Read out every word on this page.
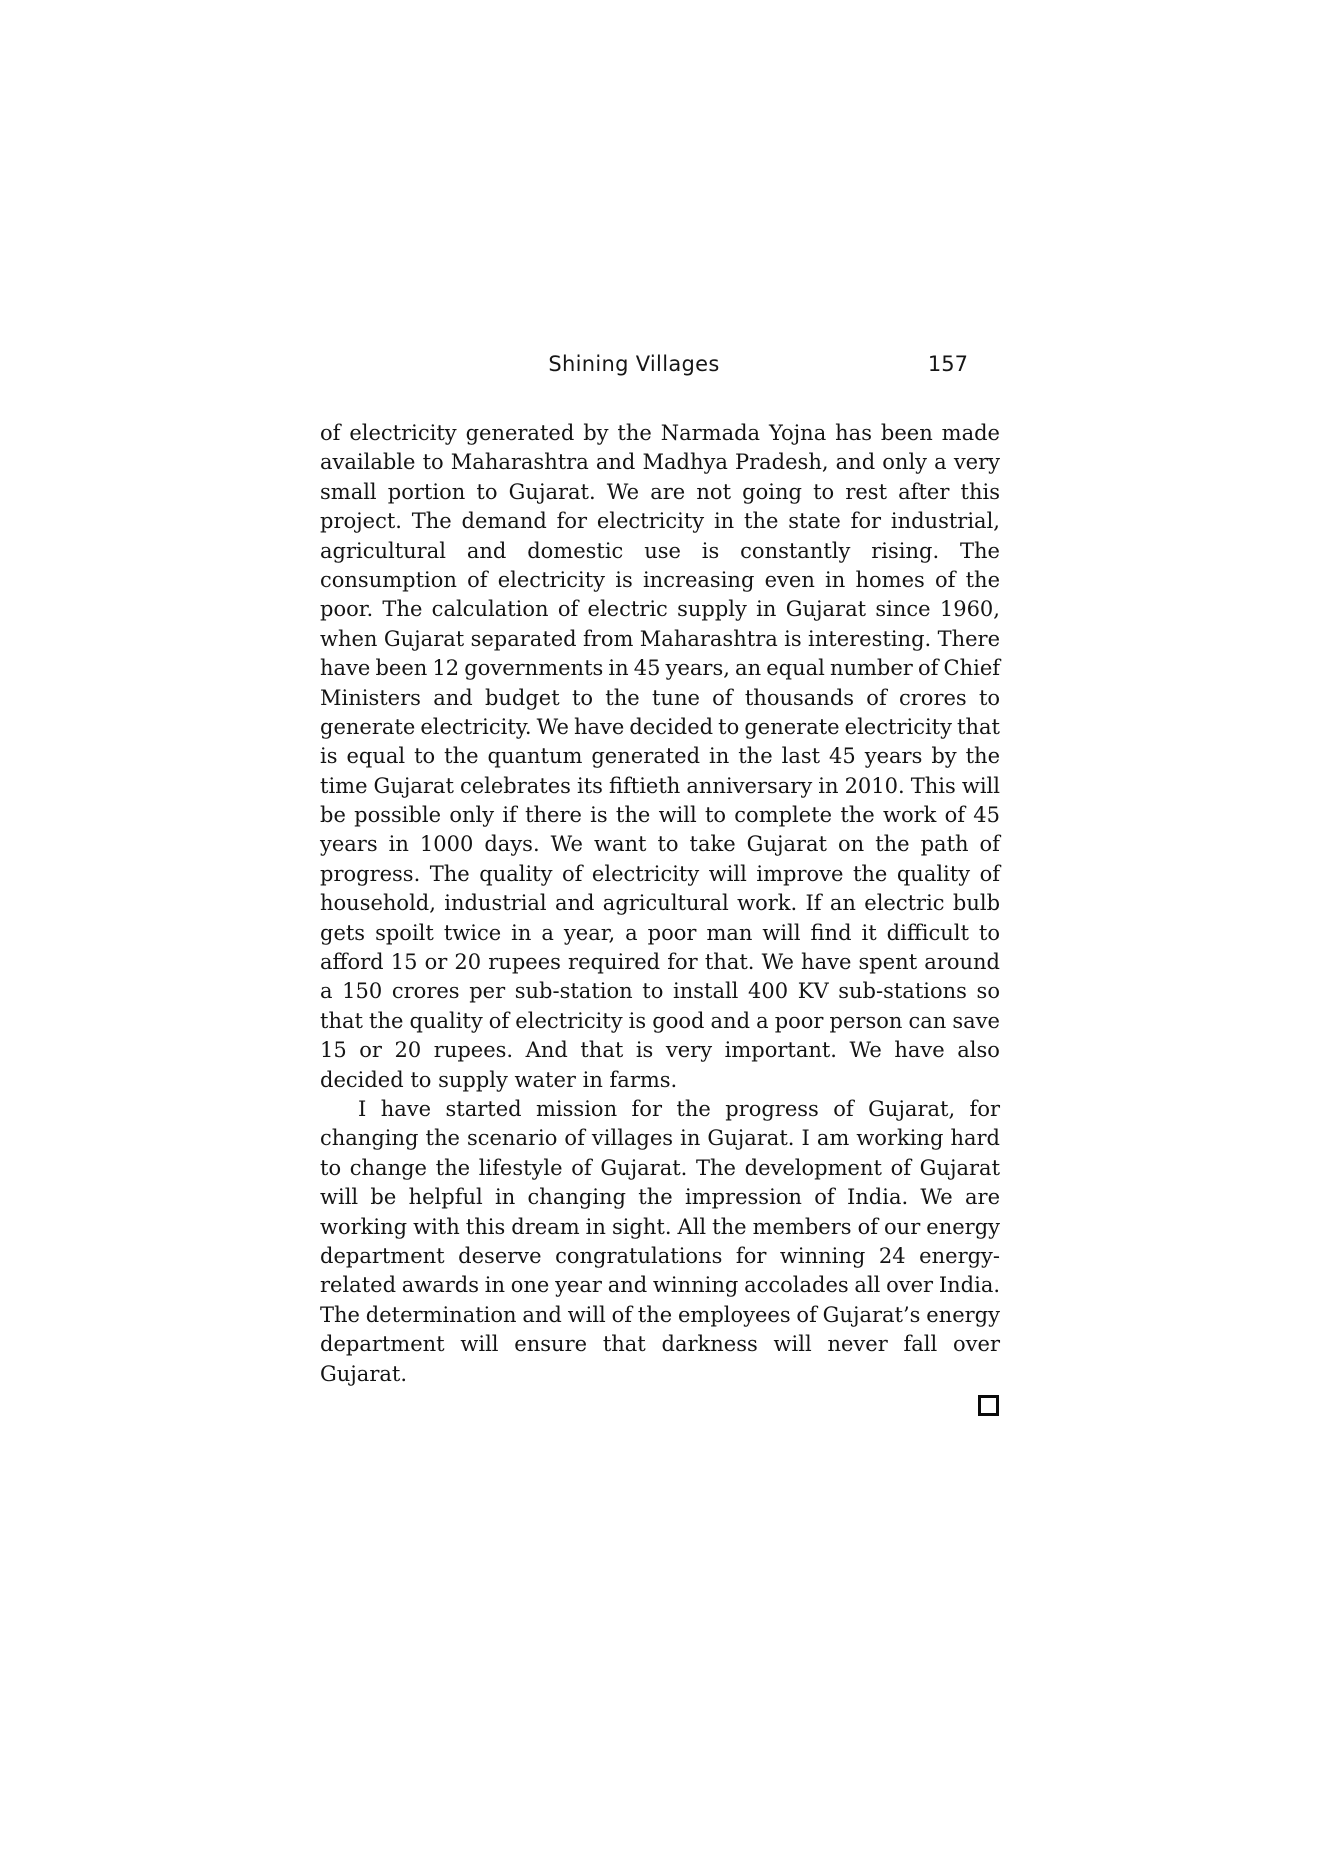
Shining Villages	157
of electricity generated by the Narmada Yojna has been made
available to Maharashtra and Madhya Pradesh, and only a very
small portion to Gujarat. We are not going to rest after this
project. The demand for electricity in the state for industrial,
agricultural and domestic use is constantly rising. The
consumption of electricity is increasing even in homes of the
poor. The calculation of electric supply in Gujarat since 1960,
when Gujarat separated from Maharashtra is interesting. There
have been 12 governments in 45 years, an equal number of Chief
Ministers and budget to the tune of thousands of crores to
generate electricity. We have decided to generate electricity that
is equal to the quantum generated in the last 45 years by the
time Gujarat celebrates its fiftieth anniversary in 2010. This will
be possible only if there is the will to complete the work of 45
years in 1000 days. We want to take Gujarat on the path of
progress. The quality of electricity will improve the quality of
household, industrial and agricultural work. If an electric bulb
gets spoilt twice in a year, a poor man will find it difficult to
afford 15 or 20 rupees required for that. We have spent around
a 150 crores per sub-station to install 400 KV sub-stations so
that the quality of electricity is good and a poor person can save
15 or 20 rupees. And that is very important. We have also
decided to supply water in farms.
I have started mission for the progress of Gujarat, for
changing the scenario of villages in Gujarat. I am working hard
to change the lifestyle of Gujarat. The development of Gujarat
will be helpful in changing the impression of India. We are
working with this dream in sight. All the members of our energy
department deserve congratulations for winning 24 energy-
related awards in one year and winning accolades all over India.
The determination and will of the employees of Gujarat’s energy
department will ensure that darkness will never fall over
Gujarat.
